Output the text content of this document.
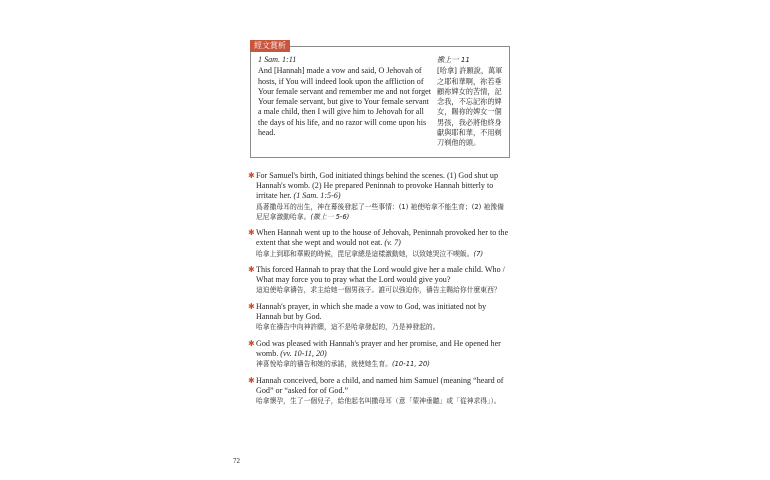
經文賞析
1 Sam. 1:11
And [Hannah] made a vow and said, O Jehovah of hosts, if You will indeed look upon the affliction of Your female servant and remember me and not forget Your female servant, but give to Your female servant a male child, then I will give him to Jehovah for all the days of his life, and no razor will come upon his head.
撒上一 11
[哈拿] 許願說，萬軍之耶和華啊，祢若垂顧祢婢女的苦情，記念我，不忘記祢的婢女，賜祢的婢女一個男孩，我必將他終身獻與耶和華，不用剃刀剃他的頭。
✱ For Samuel's birth, God initiated things behind the scenes. (1) God shut up Hannah's womb. (2) He prepared Peninnah to provoke Hannah bitterly to irritate her. (1 Sam. 1:5-6)
爲著撒母耳的出生，神在幕後發起了一些事情：(1) 祂使哈拿不能生育；(2) 祂豫備尼尼拿激動哈拿。(撒上一 5-6)
✱ When Hannah went up to the house of Jehovah, Peninnah provoked her to the extent that she wept and would not eat. (v. 7)
哈拿上到耶和華殿的時候，毘尼拿總是這樣激動她，以致她哭泣不喫飯。(7)
✱ This forced Hannah to pray that the Lord would give her a male child. Who / What may force you to pray what the Lord would give you?
這迫使哈拿禱告，求主給她一個男孩子。誰可以強迫你，禱告主賜給你什麼東西？
✱ Hannah's prayer, in which she made a vow to God, was initiated not by Hannah but by God.
哈拿在禱告中向神許願，這不是哈拿發起的，乃是神發起的。
✱ God was pleased with Hannah's prayer and her promise, and He opened her womb. (vv. 10-11, 20)
神喜悅哈拿的禱告和她的承諾，就使她生育。(10-11, 20)
✱ Hannah conceived, bore a child, and named him Samuel (meaning “heard of God” or “asked for of God.”
哈拿懷孕，生了一個兒子，給他起名叫撒母耳（意「蒙神垂聽」或「從神求得」）。
72
